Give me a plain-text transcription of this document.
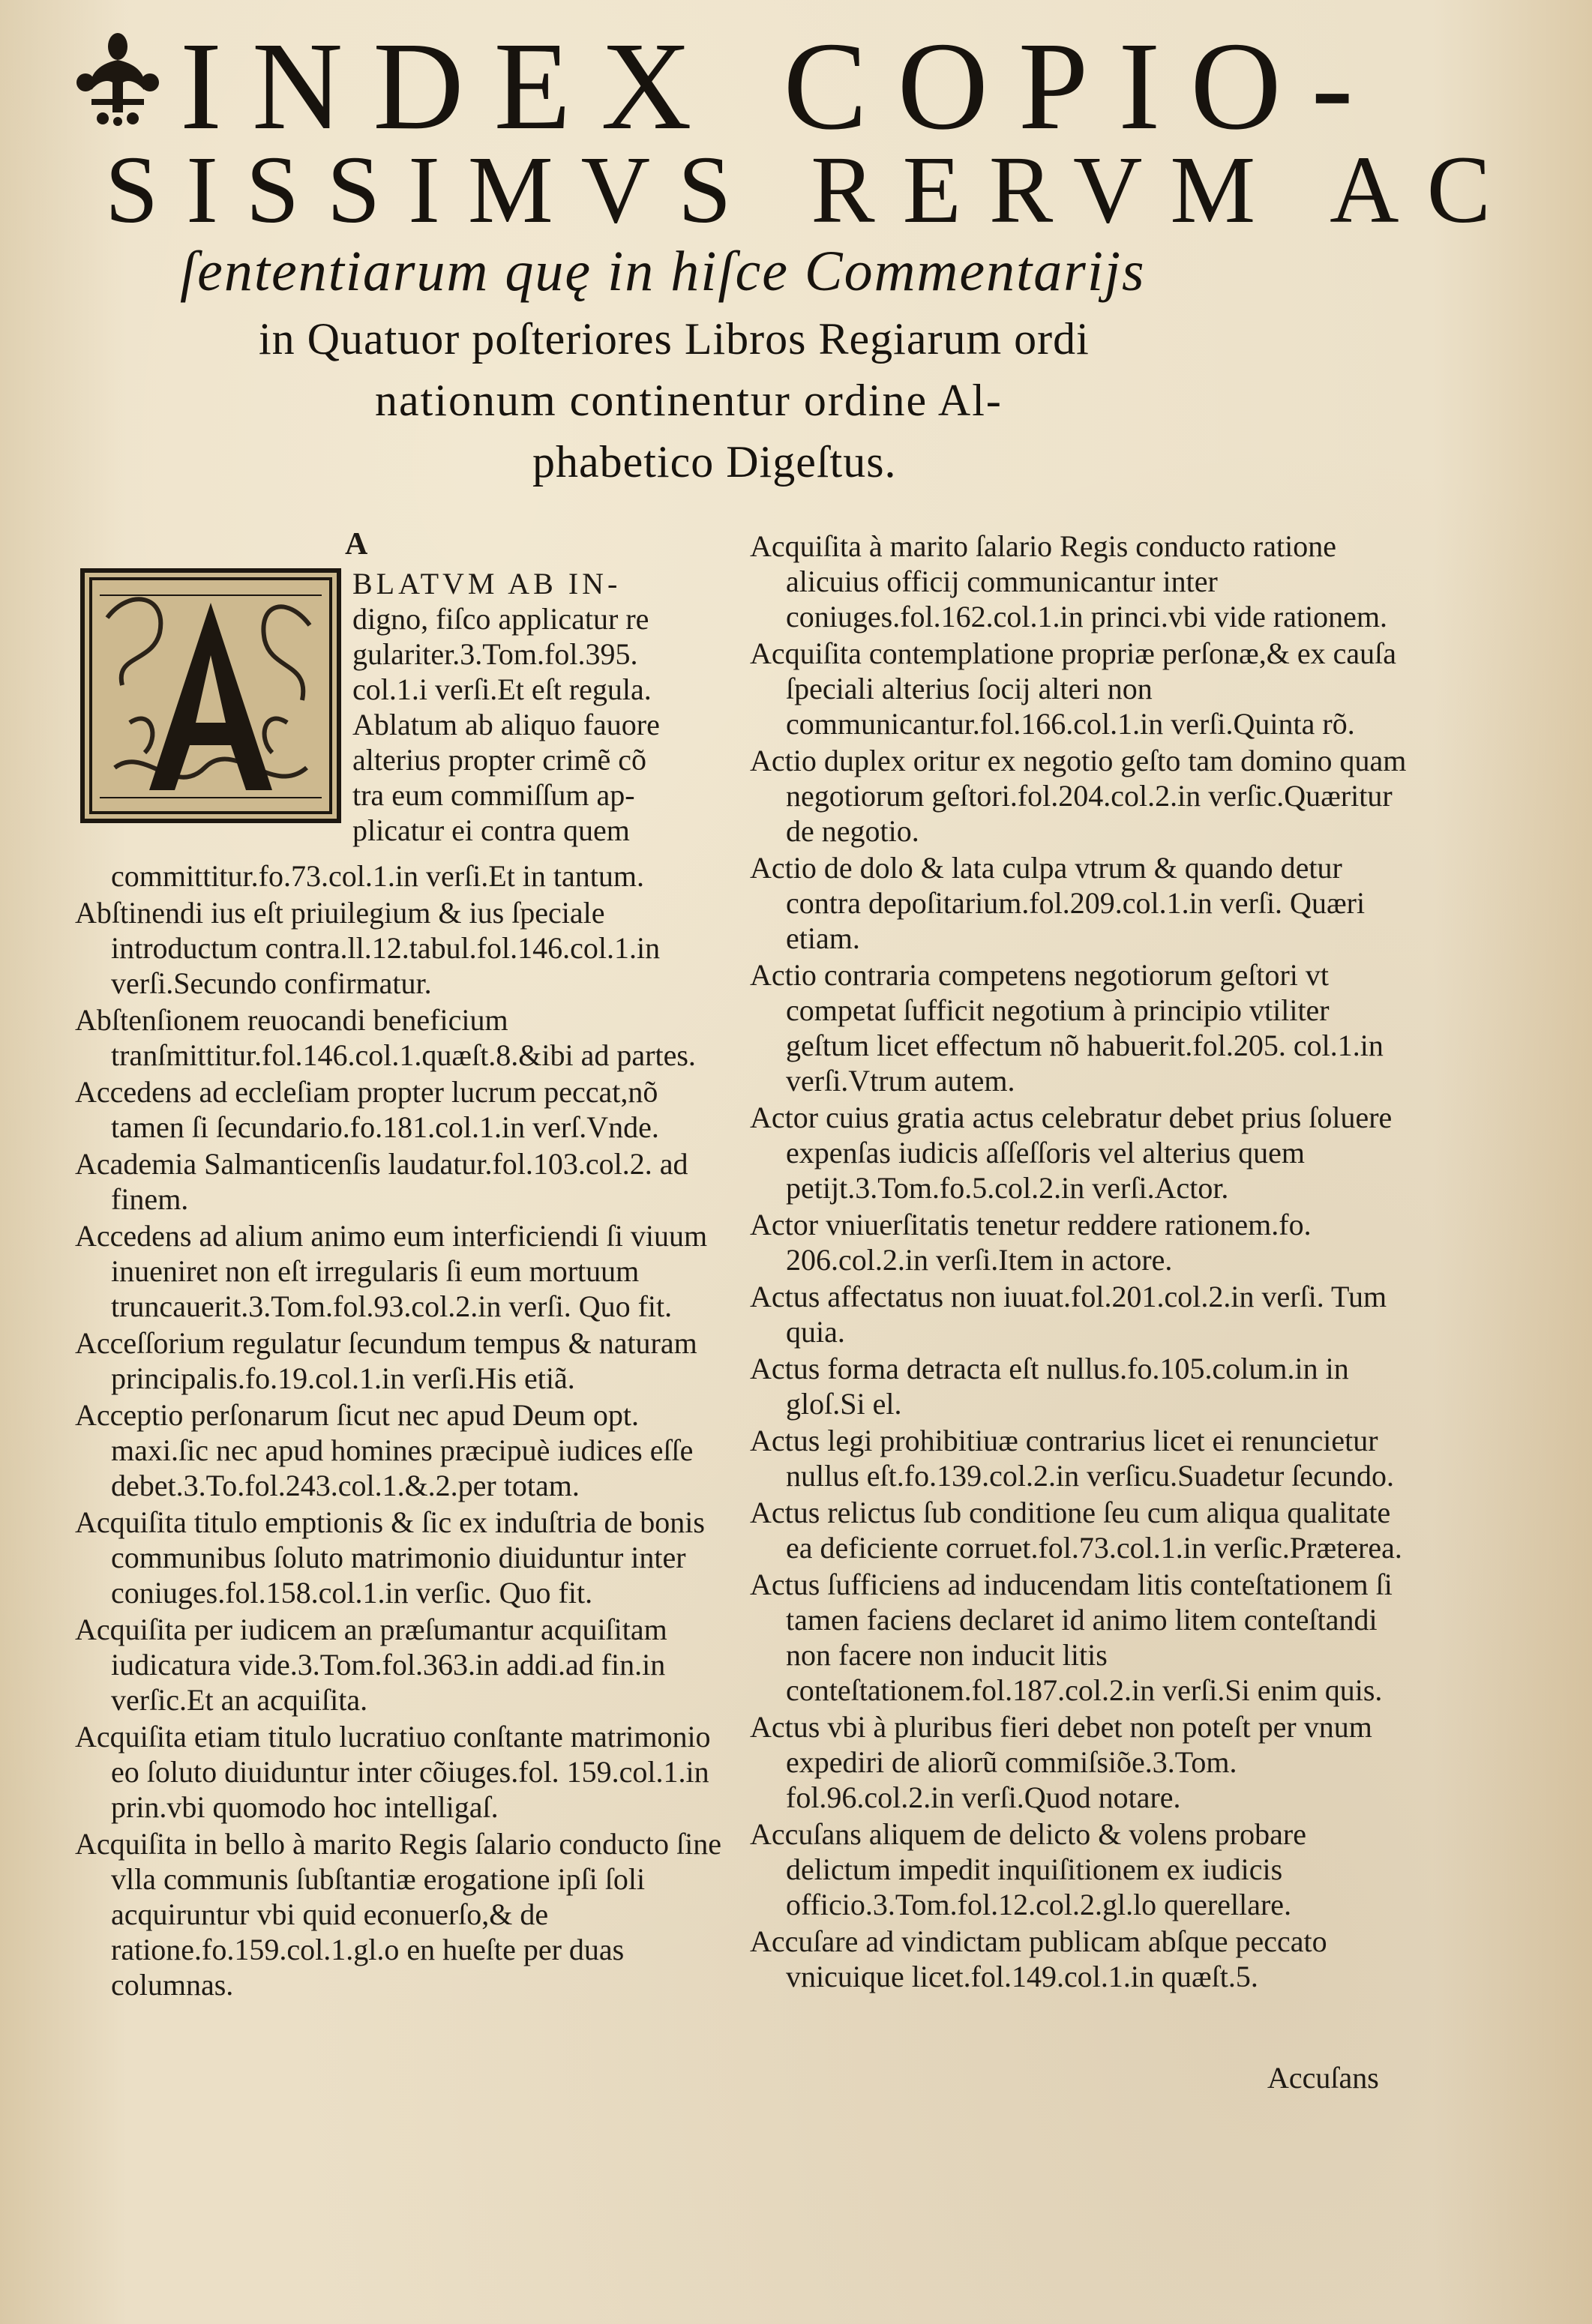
INDEX COPIO-
SISSIMVS RERVM AC
ſententiarum quę in hiſce Commentarijs
in Quatuor poſteriores Libros Regiarum ordi
nationum continentur ordine Al-
phabetico Digeſtus.
A
BLATVM AB IN-
digno, fiſco applicatur re
gulariter.3.Tom.fol.395.
col.1.i verſi.Et eſt regula.
Ablatum ab aliquo fauore
alterius propter crimẽ cõ
tra eum commiſſum ap-
plicatur ei contra quem
committitur.fo.73.col.1.in verſi.Et in tantum.
Abſtinendi ius eſt priuilegium & ius ſpeciale introductum contra.ll.12.tabul.fol.146.col.1.in verſi.Secundo confirmatur.
Abſtenſionem reuocandi beneficium tranſmittitur.fol.146.col.1.quæſt.8.&ibi ad partes.
Accedens ad eccleſiam propter lucrum peccat,nõ tamen ſi ſecundario.fo.181.col.1.in verſ.Vnde.
Academia Salmanticenſis laudatur.fol.103.col.2. ad finem.
Accedens ad alium animo eum interficiendi ſi viuum inueniret non eſt irregularis ſi eum mortuum truncauerit.3.Tom.fol.93.col.2.in verſi. Quo fit.
Acceſſorium regulatur ſecundum tempus & naturam principalis.fo.19.col.1.in verſi.His etiã.
Acceptio perſonarum ſicut nec apud Deum opt. maxi.ſic nec apud homines præcipuè iudices eſſe debet.3.To.fol.243.col.1.&.2.per totam.
Acquiſita titulo emptionis & ſic ex induſtria de bonis communibus ſoluto matrimonio diuiduntur inter coniuges.fol.158.col.1.in verſic. Quo fit.
Acquiſita per iudicem an præſumantur acquiſitam iudicatura vide.3.Tom.fol.363.in addi.ad fin.in verſic.Et an acquiſita.
Acquiſita etiam titulo lucratiuo conſtante matrimonio eo ſoluto diuiduntur inter cõiuges.fol. 159.col.1.in prin.vbi quomodo hoc intelligaſ.
Acquiſita in bello à marito Regis ſalario conducto ſine vlla communis ſubſtantiæ erogatione ipſi ſoli acquiruntur vbi quid econuerſo,& de ratione.fo.159.col.1.gl.o en hueſte per duas columnas.
Acquiſita à marito ſalario Regis conducto ratione alicuius officij communicantur inter coniuges.fol.162.col.1.in princi.vbi vide rationem.
Acquiſita contemplatione propriæ perſonæ,& ex cauſa ſpeciali alterius ſocij alteri non communicantur.fol.166.col.1.in verſi.Quinta rõ.
Actio duplex oritur ex negotio geſto tam domino quam negotiorum geſtori.fol.204.col.2.in verſic.Quæritur de negotio.
Actio de dolo & lata culpa vtrum & quando detur contra depoſitarium.fol.209.col.1.in verſi. Quæri etiam.
Actio contraria competens negotiorum geſtori vt competat ſufficit negotium à principio vtiliter geſtum licet effectum nõ habuerit.fol.205. col.1.in verſi.Vtrum autem.
Actor cuius gratia actus celebratur debet prius ſoluere expenſas iudicis aſſeſſoris vel alterius quem petijt.3.Tom.fo.5.col.2.in verſi.Actor.
Actor vniuerſitatis tenetur reddere rationem.fo. 206.col.2.in verſi.Item in actore.
Actus affectatus non iuuat.fol.201.col.2.in verſi. Tum quia.
Actus forma detracta eſt nullus.fo.105.colum.in in gloſ.Si el.
Actus legi prohibitiuæ contrarius licet ei renuncietur nullus eſt.fo.139.col.2.in verſicu.Suadetur ſecundo.
Actus relictus ſub conditione ſeu cum aliqua qualitate ea deficiente corruet.fol.73.col.1.in verſic.Præterea.
Actus ſufficiens ad inducendam litis conteſtationem ſi tamen faciens declaret id animo litem conteſtandi non facere non inducit litis conteſtationem.fol.187.col.2.in verſi.Si enim quis.
Actus vbi à pluribus fieri debet non poteſt per vnum expediri de aliorũ commiſsiõe.3.Tom. fol.96.col.2.in verſi.Quod notare.
Accuſans aliquem de delicto & volens probare delictum impedit inquiſitionem ex iudicis officio.3.Tom.fol.12.col.2.gl.lo querellare.
Accuſare ad vindictam publicam abſque peccato vnicuique licet.fol.149.col.1.in quæſt.5.
Accuſans
